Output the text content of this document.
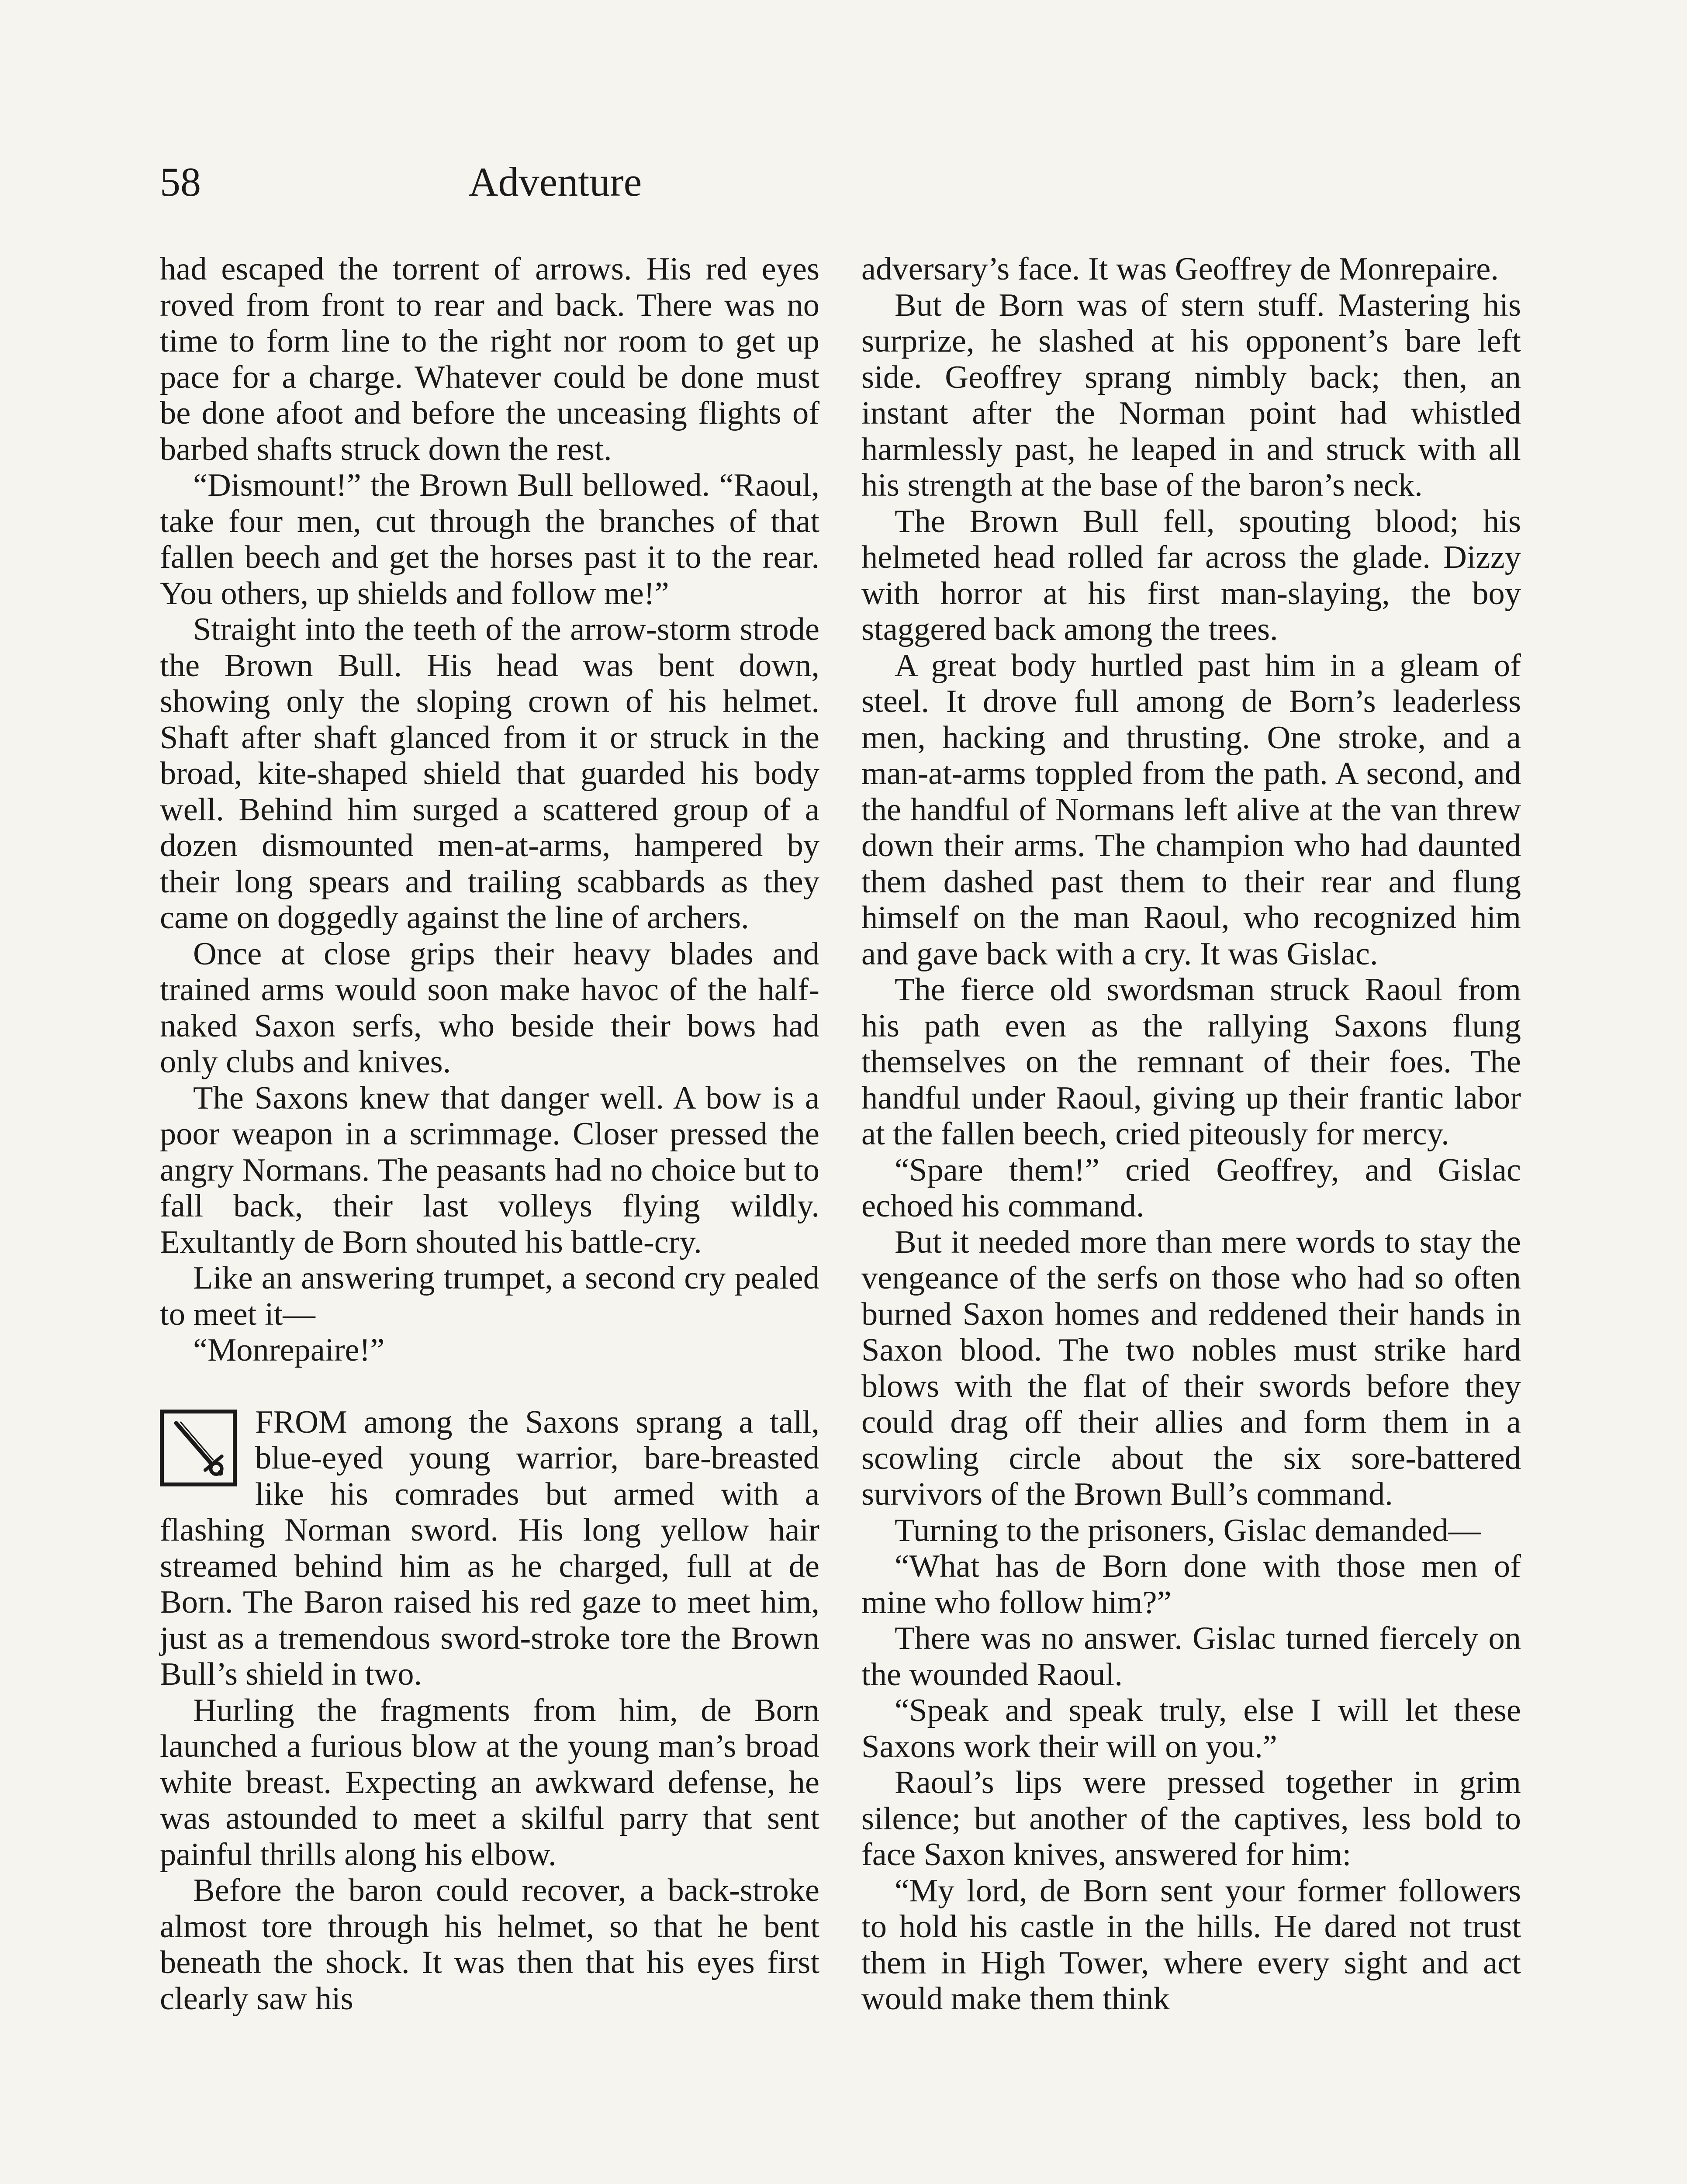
58	Adventure

had escaped the torrent of arrows. His red eyes roved from front to rear and back. There was no time to form line to the right nor room to get up pace for a charge. Whatever could be done must be done afoot and before the unceasing flights of barbed shafts struck down the rest.

“Dismount!” the Brown Bull bellowed. “Raoul, take four men, cut through the branches of that fallen beech and get the horses past it to the rear. You others, up shields and follow me!”

Straight into the teeth of the arrow-storm strode the Brown Bull. His head was bent down, showing only the sloping crown of his helmet. Shaft after shaft glanced from it or struck in the broad, kite-shaped shield that guarded his body well. Behind him surged a scattered group of a dozen dismounted men-at-arms, hampered by their long spears and trailing scabbards as they came on doggedly against the line of archers.

Once at close grips their heavy blades and trained arms would soon make havoc of the half-naked Saxon serfs, who beside their bows had only clubs and knives.

The Saxons knew that danger well. A bow is a poor weapon in a scrimmage. Closer pressed the angry Normans. The peasants had no choice but to fall back, their last volleys flying wildly. Exultantly de Born shouted his battle-cry.

Like an answering trumpet, a second cry pealed to meet it—

“Monrepaire!”

FROM among the Saxons sprang a tall, blue-eyed young warrior, bare-breasted like his comrades but armed with a flashing Norman sword. His long yellow hair streamed behind him as he charged, full at de Born. The Baron raised his red gaze to meet him, just as a tremendous sword-stroke tore the Brown Bull’s shield in two.

Hurling the fragments from him, de Born launched a furious blow at the young man’s broad white breast. Expecting an awkward defense, he was astounded to meet a skilful parry that sent painful thrills along his elbow.

Before the baron could recover, a back-stroke almost tore through his helmet, so that he bent beneath the shock. It was then that his eyes first clearly saw his

adversary’s face. It was Geoffrey de Monrepaire.

But de Born was of stern stuff. Mastering his surprize, he slashed at his opponent’s bare left side. Geoffrey sprang nimbly back; then, an instant after the Norman point had whistled harmlessly past, he leaped in and struck with all his strength at the base of the baron’s neck.

The Brown Bull fell, spouting blood; his helmeted head rolled far across the glade. Dizzy with horror at his first man-slaying, the boy staggered back among the trees.

A great body hurtled past him in a gleam of steel. It drove full among de Born’s leaderless men, hacking and thrusting. One stroke, and a man-at-arms toppled from the path. A second, and the handful of Normans left alive at the van threw down their arms. The champion who had daunted them dashed past them to their rear and flung himself on the man Raoul, who recognized him and gave back with a cry. It was Gislac.

The fierce old swordsman struck Raoul from his path even as the rallying Saxons flung themselves on the remnant of their foes. The handful under Raoul, giving up their frantic labor at the fallen beech, cried piteously for mercy.

“Spare them!” cried Geoffrey, and Gislac echoed his command.

But it needed more than mere words to stay the vengeance of the serfs on those who had so often burned Saxon homes and reddened their hands in Saxon blood. The two nobles must strike hard blows with the flat of their swords before they could drag off their allies and form them in a scowling circle about the six sore-battered survivors of the Brown Bull’s command.

Turning to the prisoners, Gislac demanded—

“What has de Born done with those men of mine who follow him?”

There was no answer. Gislac turned fiercely on the wounded Raoul.

“Speak and speak truly, else I will let these Saxons work their will on you.”

Raoul’s lips were pressed together in grim silence; but another of the captives, less bold to face Saxon knives, answered for him:

“My lord, de Born sent your former followers to hold his castle in the hills. He dared not trust them in High Tower, where every sight and act would make them think
